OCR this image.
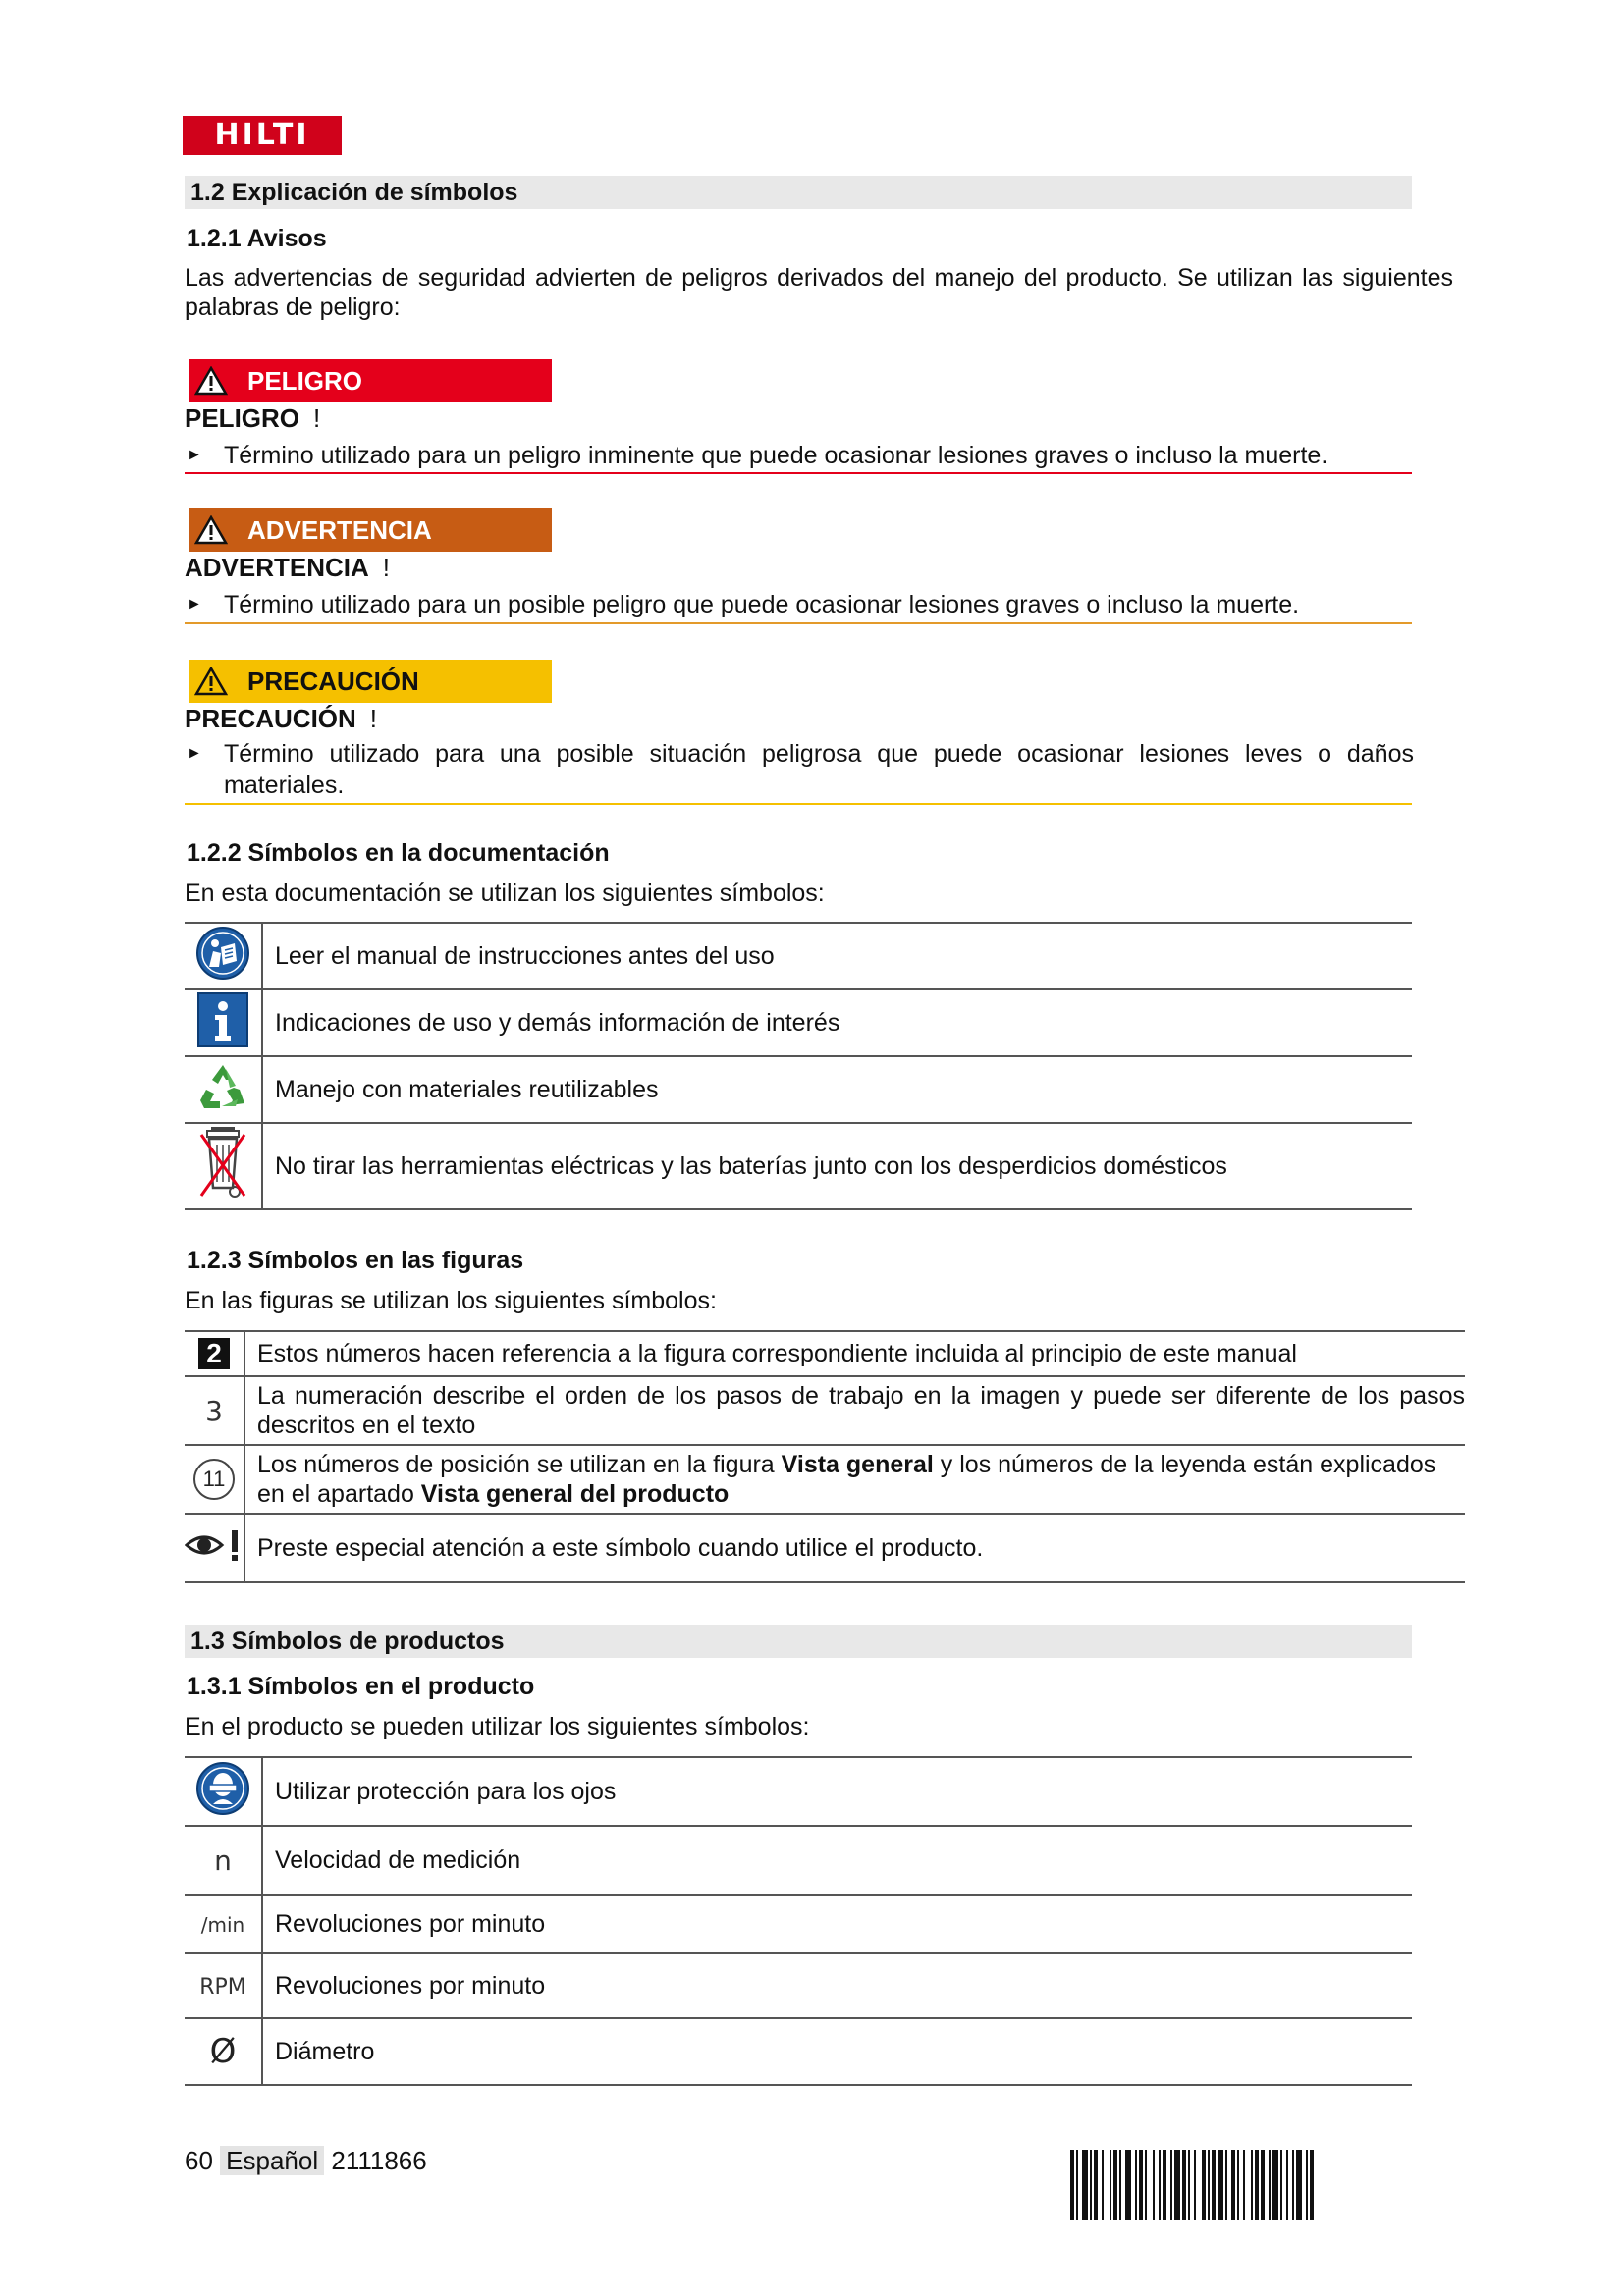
HILTI
1.2 Explicación de símbolos
1.2.1 Avisos
Las advertencias de seguridad advierten de peligros derivados del manejo del producto. Se utilizan las siguientes palabras de peligro:
PELIGRO
PELIGRO !
► Término utilizado para un peligro inminente que puede ocasionar lesiones graves o incluso la muerte.
ADVERTENCIA
ADVERTENCIA !
► Término utilizado para un posible peligro que puede ocasionar lesiones graves o incluso la muerte.
PRECAUCIÓN
PRECAUCIÓN !
► Término utilizado para una posible situación peligrosa que puede ocasionar lesiones leves o daños materiales.
1.2.2 Símbolos en la documentación
En esta documentación se utilizan los siguientes símbolos:
	Leer el manual de instrucciones antes del uso
	Indicaciones de uso y demás información de interés
	Manejo con materiales reutilizables
	No tirar las herramientas eléctricas y las baterías junto con los desperdicios domésticos
1.2.3 Símbolos en las figuras
En las figuras se utilizan los siguientes símbolos:
2	Estos números hacen referencia a la figura correspondiente incluida al principio de este manual
3	La numeración describe el orden de los pasos de trabajo en la imagen y puede ser diferente de los pasos descritos en el texto

11	Los números de posición se utilizan en la figura Vista general y los números de la leyenda están explicados en el apartado Vista general del producto
	Preste especial atención a este símbolo cuando utilice el producto.
1.3 Símbolos de productos
1.3.1 Símbolos en el producto
En el producto se pueden utilizar los siguientes símbolos:
	Utilizar protección para los ojos
n	Velocidad de medición
/min	Revoluciones por minuto
RPM	Revoluciones por minuto
Ø	Diámetro
60 Español 2111866
